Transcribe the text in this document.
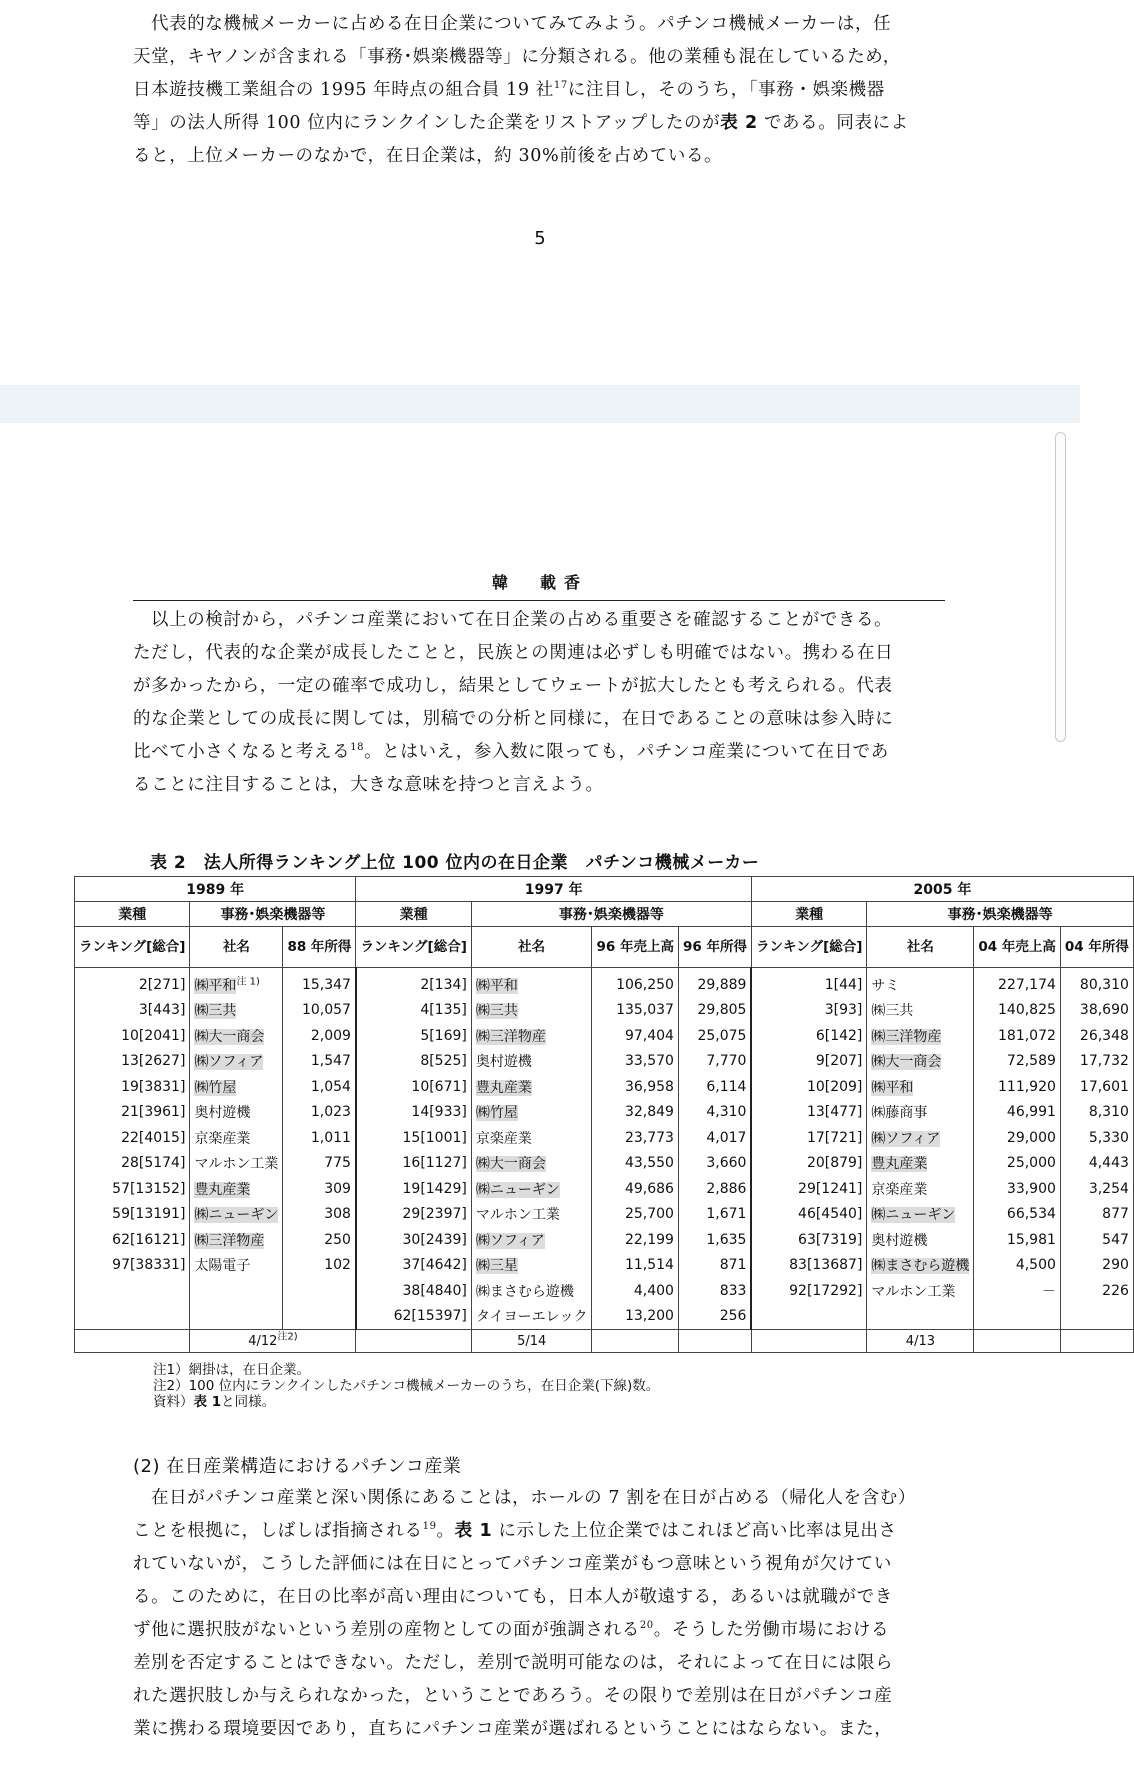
代表的な機械メーカーに占める在日企業についてみてみよう。パチンコ機械メーカーは，任
天堂，キヤノンが含まれる「事務･娯楽機器等」に分類される。他の業種も混在しているため，
日本遊技機工業組合の 1995 年時点の組合員 19 社$^{17}$に注目し，そのうち，「事務・娯楽機器
等」の法人所得 100 位内にランクインした企業をリストアップしたのが表 2 である。同表によ
ると，上位メーカーのなかで，在日企業は，約 30%前後を占めている。

5
韓　載香

以上の検討から，パチンコ産業において在日企業の占める重要さを確認することができる。
ただし，代表的な企業が成長したことと，民族との関連は必ずしも明確ではない。携わる在日
が多かったから，一定の確率で成功し，結果としてウェートが拡大したとも考えられる。代表
的な企業としての成長に関しては，別稿での分析と同様に，在日であることの意味は参入時に
比べて小さくなると考える$^{18}$。とはいえ，参入数に限っても，パチンコ産業について在日であ
ることに注目することは，大きな意味を持つと言えよう。

表 2　法人所得ランキング上位 100 位内の在日企業　パチンコ機械メーカー
1989 年			1997 年				2005 年			
業種	事務･娯楽機器等		業種	事務･娯楽機器等			業種	事務･娯楽機器等		
ランキング[総合]	社名	88 年所得	ランキング[総合]	社名	96 年売上高	96 年所得	ランキング[総合]	社名	04 年売上高	04 年所得
2[271]	㈱平和$^{注 1)}$	15,347	2[134]	㈱平和	106,250	29,889	1[44]	サミ	227,174	80,310
3[443]	㈱三共	10,057	4[135]	㈱三共	135,037	29,805	3[93]	㈱三共	140,825	38,690
10[2041]	㈱大一商会	2,009	5[169]	㈱三洋物産	97,404	25,075	6[142]	㈱三洋物産	181,072	26,348
13[2627]	㈱ソフィア	1,547	8[525]	奥村遊機	33,570	7,770	9[207]	㈱大一商会	72,589	17,732
19[3831]	㈱竹屋	1,054	10[671]	豊丸産業	36,958	6,114	10[209]	㈱平和	111,920	17,601
21[3961]	奥村遊機	1,023	14[933]	㈱竹屋	32,849	4,310	13[477]	㈱藤商事	46,991	8,310
22[4015]	京楽産業	1,011	15[1001]	京楽産業	23,773	4,017	17[721]	㈱ソフィア	29,000	5,330
28[5174]	マルホン工業	775	16[1127]	㈱大一商会	43,550	3,660	20[879]	豊丸産業	25,000	4,443
57[13152]	豊丸産業	309	19[1429]	㈱ニューギン	49,686	2,886	29[1241]	京楽産業	33,900	3,254
59[13191]	㈱ニューギン	308	29[2397]	マルホン工業	25,700	1,671	46[4540]	㈱ニューギン	66,534	877
62[16121]	㈱三洋物産	250	30[2439]	㈱ソフィア	22,199	1,635	63[7319]	奥村遊機	15,981	547
97[38331]	太陽電子	102	37[4642]	㈱三星	11,514	871	83[13687]	㈱まさむら遊機	4,500	290
			38[4840]	㈱まさむら遊機	4,400	833	92[17292]	マルホン工業	－	226
			62[15397]	タイヨーエレック	13,200	256				
	4/12$^{注2)}$			5/14				4/13		

注1）網掛は，在日企業。
注2）100 位内にランクインしたパチンコ機械メーカーのうち，在日企業(下線)数。
資料）表 1と同様。
(2) 在日産業構造におけるパチンコ産業

在日がパチンコ産業と深い関係にあることは，ホールの 7 割を在日が占める（帰化人を含む）
ことを根拠に，しばしば指摘される$^{19}$。表 1 に示した上位企業ではこれほど高い比率は見出さ
れていないが，こうした評価には在日にとってパチンコ産業がもつ意味という視角が欠けてい
る。このために，在日の比率が高い理由についても，日本人が敬遠する，あるいは就職ができ
ず他に選択肢がないという差別の産物としての面が強調される$^{20}$。そうした労働市場における
差別を否定することはできない。ただし，差別で説明可能なのは，それによって在日には限ら
れた選択肢しか与えられなかった，ということであろう。その限りで差別は在日がパチンコ産
業に携わる環境要因であり，直ちにパチンコ産業が選ばれるということにはならない。また，
